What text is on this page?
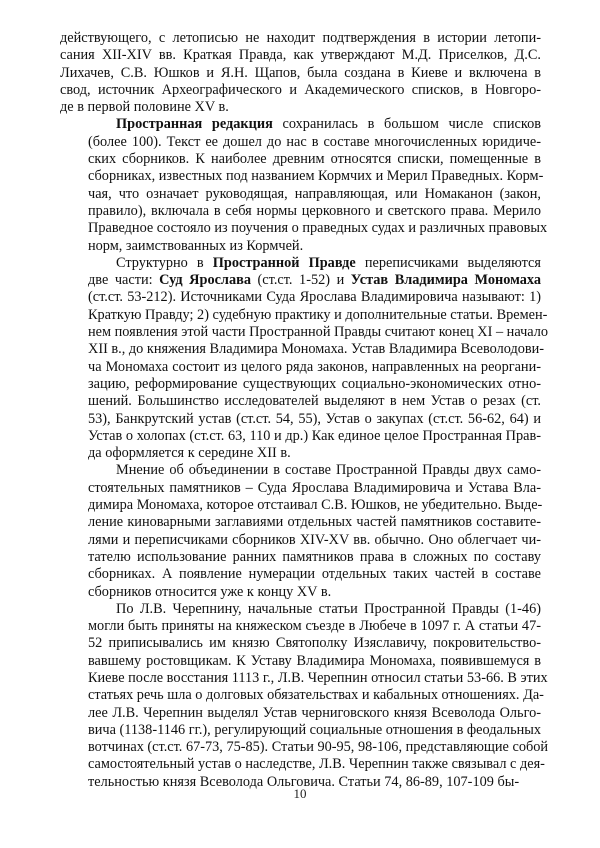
действующего, с летописью не находит подтверждения в истории летопи-
сания XII-XIV вв. Краткая Правда, как утверждают М.Д. Приселков, Д.С.
Лихачев, С.В. Юшков и Я.Н. Щапов, была создана в Киеве и включена в
свод, источник Археографического и Академического списков, в Новгоро-
де в первой половине XV в.
Пространная редакция сохранилась в большом числе списков
(более 100). Текст ее дошел до нас в составе многочисленных юридиче-
ских сборников. К наиболее древним относятся списки, помещенные в
сборниках, известных под названием Кормчих и Мерил Праведных. Корм-
чая, что означает руководящая, направляющая, или Номаканон (закон,
правило), включала в себя нормы церковного и светского права. Мерило
Праведное состояло из поучения о праведных судах и различных правовых
норм, заимствованных из Кормчей.
Структурно в Пространной Правде переписчиками выделяются
две части: Суд Ярослава (ст.ст. 1-52) и Устав Владимира Мономаха
(ст.ст. 53-212). Источниками Суда Ярослава Владимировича называют: 1)
Краткую Правду; 2) судебную практику и дополнительные статьи. Времен-
нем появления этой части Пространной Правды считают конец XI – начало
XII в., до княжения Владимира Мономаха. Устав Владимира Всеволодови-
ча Мономаха состоит из целого ряда законов, направленных на реоргани-
зацию, реформирование существующих социально-экономических отно-
шений. Большинство исследователей выделяют в нем Устав о резах (ст.
53), Банкрутский устав (ст.ст. 54, 55), Устав о закупах (ст.ст. 56-62, 64) и
Устав о холопах (ст.ст. 63, 110 и др.) Как единое целое Пространная Прав-
да оформляется к середине XII в.
Мнение об объединении в составе Пространной Правды двух само-
стоятельных памятников – Суда Ярослава Владимировича и Устава Вла-
димира Мономаха, которое отстаивал С.В. Юшков, не убедительно. Выде-
ление киноварными заглавиями отдельных частей памятников составите-
лями и переписчиками сборников XIV-XV вв. обычно. Оно облегчает чи-
тателю использование ранних памятников права в сложных по составу
сборниках. А появление нумерации отдельных таких частей в составе
сборников относится уже к концу XV в.
По Л.В. Черепнину, начальные статьи Пространной Правды (1-46)
могли быть приняты на княжеском съезде в Любече в 1097 г. А статьи 47-
52 приписывались им князю Святополку Изяславичу, покровительство-
вавшему ростовщикам. К Уставу Владимира Мономаха, появившемуся в
Киеве после восстания 1113 г., Л.В. Черепнин относил статьи 53-66. В этих
статьях речь шла о долговых обязательствах и кабальных отношениях. Да-
лее Л.В. Черепнин выделял Устав черниговского князя Всеволода Ольго-
вича (1138-1146 гг.), регулирующий социальные отношения в феодальных
вотчинах (ст.ст. 67-73, 75-85). Статьи 90-95, 98-106, представляющие собой
самостоятельный устав о наследстве, Л.В. Черепнин также связывал с дея-
тельностью князя Всеволода Ольговича. Статьи 74, 86-89, 107-109 бы-
10
